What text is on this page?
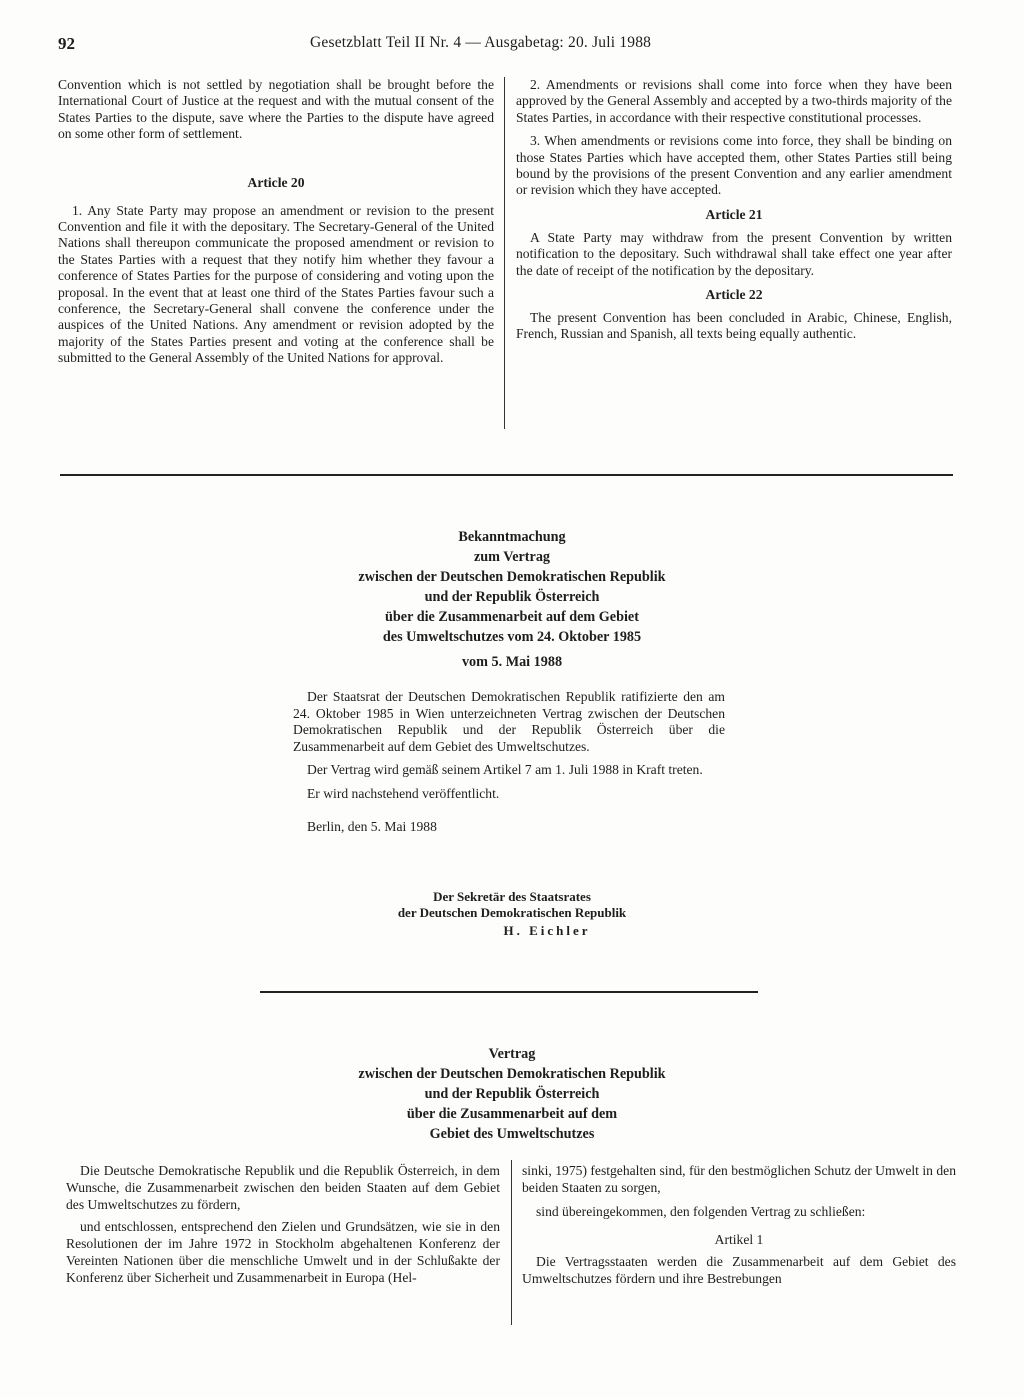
92	Gesetzblatt Teil II Nr. 4 — Ausgabetag: 20. Juli 1988

Convention which is not settled by negotiation shall be brought before the International Court of Justice at the request and with the mutual consent of the States Parties to the dispute, save where the Parties to the dispute have agreed on some other form of settlement.

Article 20

1. Any State Party may propose an amendment or revision to the present Convention and file it with the depositary. The Secretary-General of the United Nations shall thereupon communicate the proposed amendment or revision to the States Parties with a request that they notify him whether they favour a conference of States Parties for the purpose of considering and voting upon the proposal. In the event that at least one third of the States Parties favour such a conference, the Secretary-General shall convene the conference under the auspices of the United Nations. Any amendment or revision adopted by the majority of the States Parties present and voting at the conference shall be submitted to the General Assembly of the United Nations for approval.

2. Amendments or revisions shall come into force when they have been approved by the General Assembly and accepted by a two-thirds majority of the States Parties, in accordance with their respective constitutional processes.

3. When amendments or revisions come into force, they shall be binding on those States Parties which have accepted them, other States Parties still being bound by the provisions of the present Convention and any earlier amendment or revision which they have accepted.

Article 21

A State Party may withdraw from the present Convention by written notification to the depositary. Such withdrawal shall take effect one year after the date of receipt of the notification by the depositary.

Article 22

The present Convention has been concluded in Arabic, Chinese, English, French, Russian and Spanish, all texts being equally authentic.

Bekanntmachung
zum Vertrag
zwischen der Deutschen Demokratischen Republik
und der Republik Österreich
über die Zusammenarbeit auf dem Gebiet
des Umweltschutzes vom 24. Oktober 1985
vom 5. Mai 1988

Der Staatsrat der Deutschen Demokratischen Republik ratifizierte den am 24. Oktober 1985 in Wien unterzeichneten Vertrag zwischen der Deutschen Demokratischen Republik und der Republik Österreich über die Zusammenarbeit auf dem Gebiet des Umweltschutzes.

Der Vertrag wird gemäß seinem Artikel 7 am 1. Juli 1988 in Kraft treten.

Er wird nachstehend veröffentlicht.

Berlin, den 5. Mai 1988

Der Sekretär des Staatsrates
der Deutschen Demokratischen Republik
H. Eichler
Vertrag
zwischen der Deutschen Demokratischen Republik
und der Republik Österreich
über die Zusammenarbeit auf dem
Gebiet des Umweltschutzes

Die Deutsche Demokratische Republik und die Republik Österreich, in dem Wunsche, die Zusammenarbeit zwischen den beiden Staaten auf dem Gebiet des Umweltschutzes zu fördern,

und entschlossen, entsprechend den Zielen und Grundsätzen, wie sie in den Resolutionen der im Jahre 1972 in Stockholm abgehaltenen Konferenz der Vereinten Nationen über die menschliche Umwelt und in der Schlußakte der Konferenz über Sicherheit und Zusammenarbeit in Europa (Hel-

sinki, 1975) festgehalten sind, für den bestmöglichen Schutz der Umwelt in den beiden Staaten zu sorgen,

sind übereingekommen, den folgenden Vertrag zu schließen:

Artikel 1

Die Vertragsstaaten werden die Zusammenarbeit auf dem Gebiet des Umweltschutzes fördern und ihre Bestrebungen
